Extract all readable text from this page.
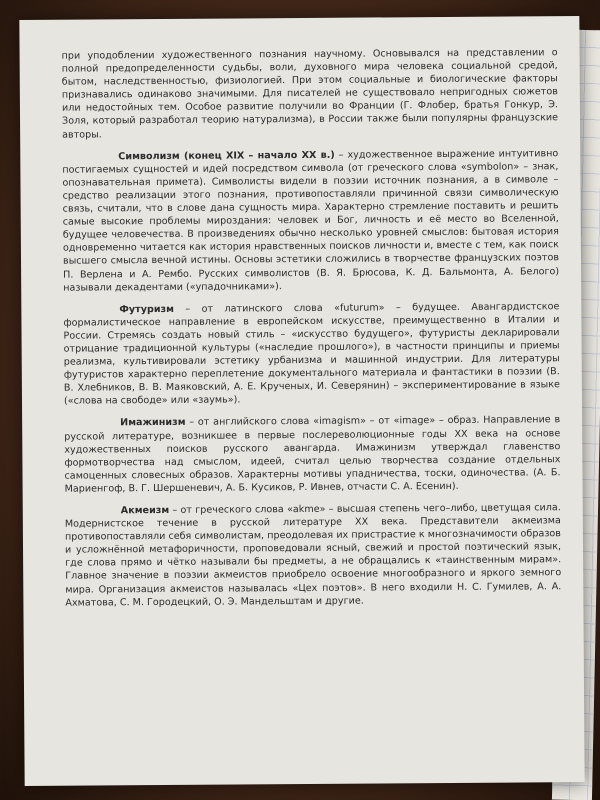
при уподоблении художественного познания научному. Основывался на представлении о полной предопределенности судьбы, воли, духовного мира человека социальной средой, бытом, наследственностью, физиологией. При этом социальные и биологические факторы признавались одинаково значимыми. Для писателей не существовало непригодных сюжетов или недостойных тем. Особое развитие получили во Франции (Г. Флобер, братья Гонкур, Э. Золя, который разработал теорию натурализма), в России также были популярны французские авторы.

Символизм (конец XIX – начало XX в.) – художественное выражение интуитивно постигаемых сущностей и идей посредством символа (от греческого слова «symbolon» – знак, опознавательная примета). Символисты видели в поэзии источник познания, а в символе – средство реализации этого познания, противопоставляли причинной связи символическую связь, считали, что в слове дана сущность мира. Характерно стремление поставить и решить самые высокие проблемы мироздания: человек и Бог, личность и её место во Вселенной, будущее человечества. В произведениях обычно несколько уровней смыслов: бытовая история одновременно читается как история нравственных поисков личности и, вместе с тем, как поиск высшего смысла вечной истины. Основы эстетики сложились в творчестве французских поэтов П. Верлена и А. Рембо. Русских символистов (В. Я. Брюсова, К. Д. Бальмонта, А. Белого) называли декадентами («упадочниками»).

Футуризм – от латинского слова «futurum» – будущее. Авангардистское формалистическое направление в европейском искусстве, преимущественно в Италии и России. Стремясь создать новый стиль – «искусство будущего», футуристы декларировали отрицание традиционной культуры («наследие прошлого»), в частности принципы и приемы реализма, культивировали эстетику урбанизма и машинной индустрии. Для литературы футуристов характерно переплетение документального материала и фантастики в поэзии (В. В. Хлебников, В. В. Маяковский, А. Е. Крученых, И. Северянин) – экспериментирование в языке («слова на свободе» или «заумь»).

Имажинизм – от английского слова «imagism» – от «image» – образ. Направление в русской литературе, возникшее в первые послереволюционные годы XX века на основе художественных поисков русского авангарда. Имажинизм утверждал главенство формотворчества над смыслом, идеей, считал целью творчества создание отдельных самоценных словесных образов. Характерны мотивы упадничества, тоски, одиночества. (А. Б. Мариенгоф, В. Г. Шершеневич, А. Б. Кусиков, Р. Ивнев, отчасти С. А. Есенин).

Акмеизм – от греческого слова «akme» – высшая степень чего–либо, цветущая сила. Модернистское течение в русской литературе XX века. Представители акмеизма противопоставляли себя символистам, преодолевая их пристрастие к многозначимости образов и усложнённой метафоричности, проповедовали ясный, свежий и простой поэтический язык, где слова прямо и чётко называли бы предметы, а не обращались к «таинственным мирам». Главное значение в поэзии акмеистов приобрело освоение многообразного и яркого земного мира. Организация акмеистов называлась «Цех поэтов». В него входили Н. С. Гумилев, А. А. Ахматова, С. М. Городецкий, О. Э. Мандельштам и другие.
